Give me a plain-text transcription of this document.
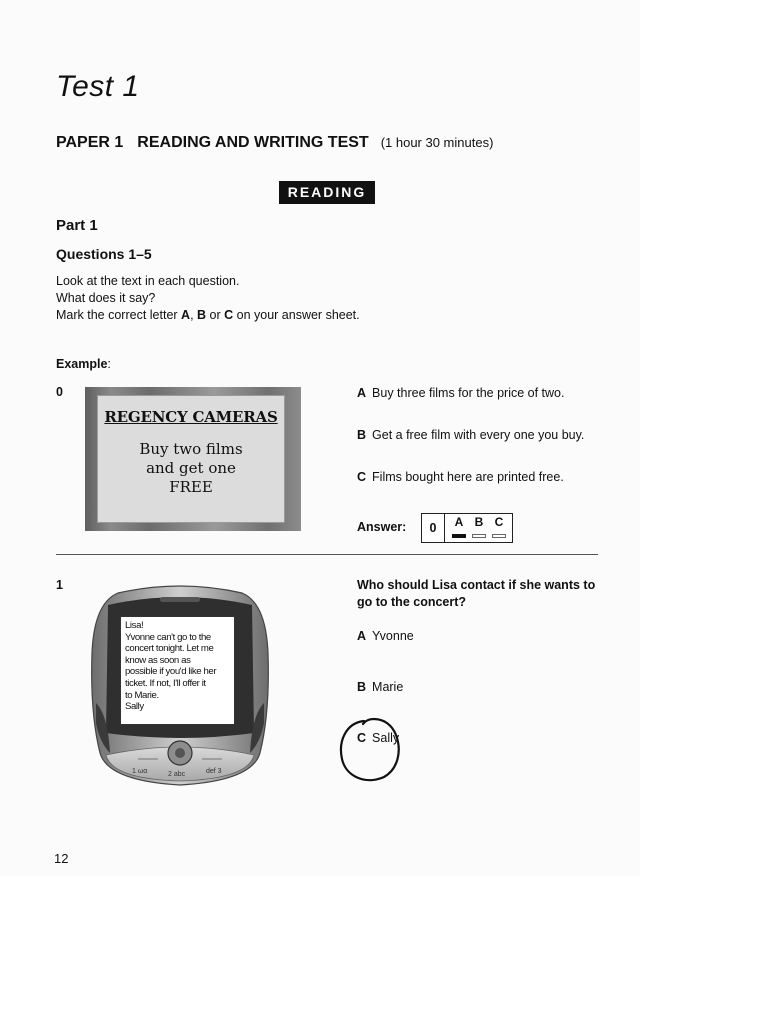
Test 1
PAPER 1 READING AND WRITING TEST (1 hour 30 minutes)
READING
Part 1
Questions 1–5
Look at the text in each question.
What does it say?
Mark the correct letter A, B or C on your answer sheet.
Example:
0
REGENCY CAMERAS
Buy two films
and get one
FREE
A Buy three films for the price of two.
B Get a free film with every one you buy.
C Films bought here are printed free.
Answer:	0	A B C
1
1 ωα	2 abc	def 3
Lisa!
Yvonne can't go to the
concert tonight. Let me
know as soon as
possible if you'd like her
ticket. If not, I'll offer it
to Marie.
Sally
Who should Lisa contact if she wants to
go to the concert?
A Yvonne
B Marie
C Sally
12
